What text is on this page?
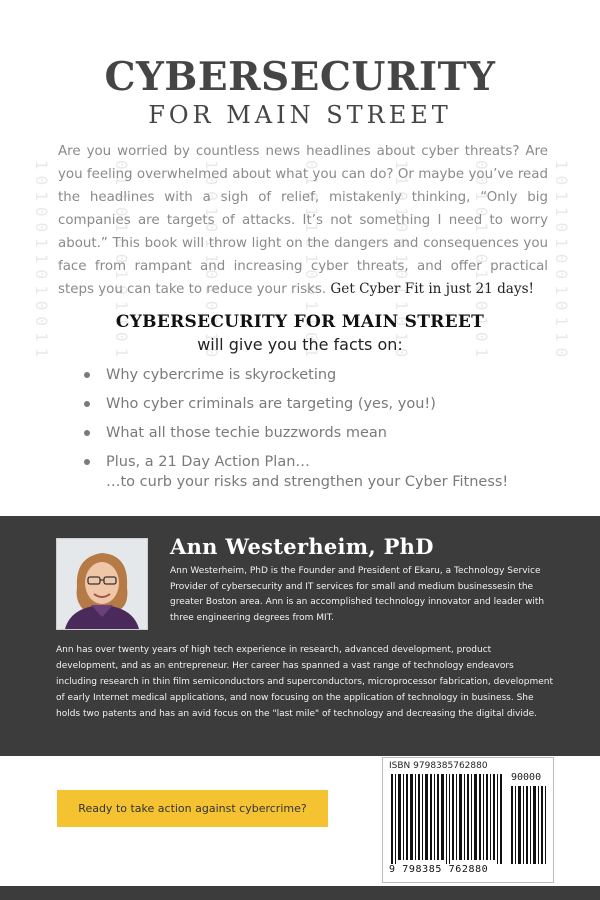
1010011010011	0110100101101	1001011010010	0101101001101	1101001011010	0010110100101	1011010010110
CYBERSECURITY
FOR MAIN STREET
Are you worried by countless news headlines about cyber threats? Are you feeling overwhelmed about what you can do? Or maybe you’ve read the headlines with a sigh of relief, mistakenly thinking, “Only big companies are targets of attacks. It’s not something I need to worry about.” This book will throw light on the dangers and consequences you face from rampant and increasing cyber threats, and offer practical steps you can take to reduce your risks. Get Cyber Fit in just 21 days!
CYBERSECURITY FOR MAIN STREET
will give you the facts on:
Why cybercrime is skyrocketing
Who cyber criminals are targeting (yes, you!)
What all those techie buzzwords mean
Plus, a 21 Day Action Plan…
…to curb your risks and strengthen your Cyber Fitness!
Ann Westerheim, PhD
Ann Westerheim, PhD is the Founder and President of Ekaru, a Technology Service Provider of cybersecurity and IT services for small and medium businessesin the greater Boston area. Ann is an accomplished technology innovator and leader with three engineering degrees from MIT.
Ann has over twenty years of high tech experience in research, advanced development, product development, and as an entrepreneur. Her career has spanned a vast range of technology endeavors including research in thin film semiconductors and superconductors, microprocessor fabrication, development of early Internet medical applications, and now focusing on the application of technology in business. She holds two patents and has an avid focus on the "last mile" of technology and decreasing the digital divide.
Ready to take action against cybercrime?
ISBN 9798385762880
90000
9 798385 762880
